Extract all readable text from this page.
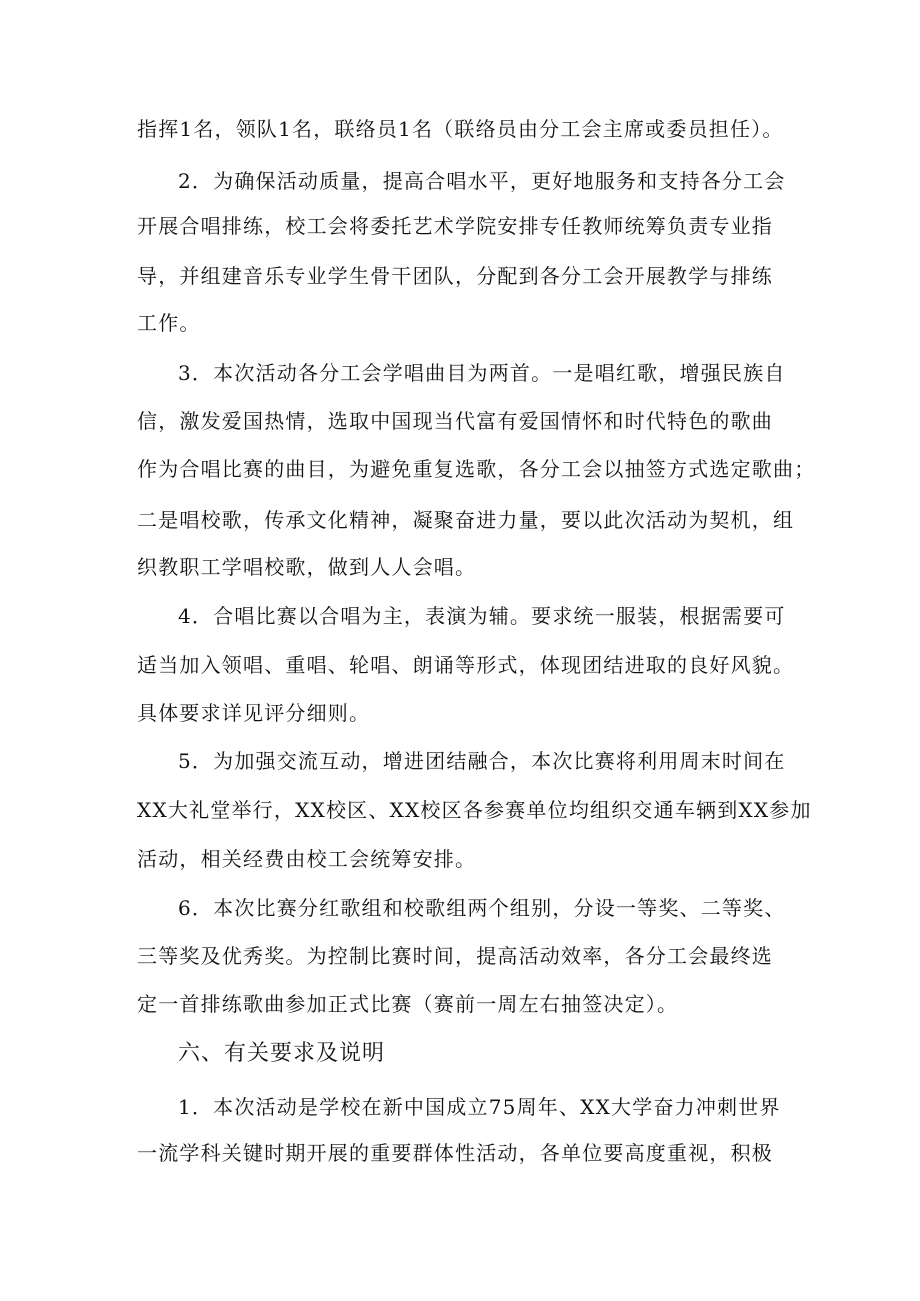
指挥1名，领队1名，联络员1名（联络员由分工会主席或委员担任）。
2．为确保活动质量，提高合唱水平，更好地服务和支持各分工会
开展合唱排练，校工会将委托艺术学院安排专任教师统筹负责专业指
导，并组建音乐专业学生骨干团队，分配到各分工会开展教学与排练
工作。
3．本次活动各分工会学唱曲目为两首。一是唱红歌，增强民族自
信，激发爱国热情，选取中国现当代富有爱国情怀和时代特色的歌曲
作为合唱比赛的曲目，为避免重复选歌，各分工会以抽签方式选定歌曲；
二是唱校歌，传承文化精神，凝聚奋进力量，要以此次活动为契机，组
织教职工学唱校歌，做到人人会唱。
4．合唱比赛以合唱为主，表演为辅。要求统一服装，根据需要可
适当加入领唱、重唱、轮唱、朗诵等形式，体现团结进取的良好风貌。
具体要求详见评分细则。
5．为加强交流互动，增进团结融合，本次比赛将利用周末时间在
XX大礼堂举行，XX校区、XX校区各参赛单位均组织交通车辆到XX参加
活动，相关经费由校工会统筹安排。
6．本次比赛分红歌组和校歌组两个组别，分设一等奖、二等奖、
三等奖及优秀奖。为控制比赛时间，提高活动效率，各分工会最终选
定一首排练歌曲参加正式比赛（赛前一周左右抽签决定）。
六、有关要求及说明
1．本次活动是学校在新中国成立75周年、XX大学奋力冲刺世界
一流学科关键时期开展的重要群体性活动，各单位要高度重视，积极
